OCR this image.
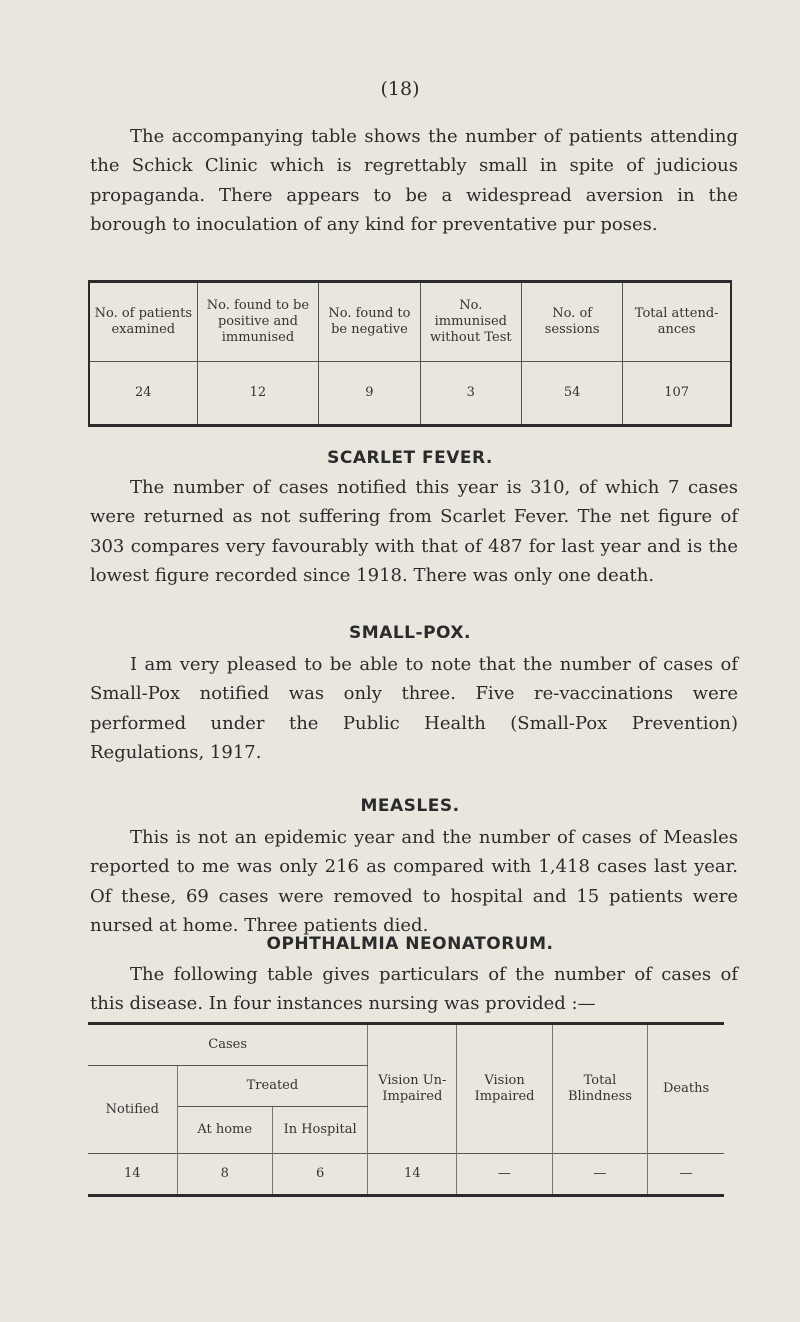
(18)

The accompanying table shows the number of patients attending the Schick Clinic which is regrettably small in spite of judicious propaganda. There appears to be a widespread aversion in the borough to inoculation of any kind for preventative pur poses.

No. of patients examined	No. found to be positive and immunised	No. found to be negative	No. immunised without Test	No. of sessions	Total attend-ances
24	12	9	3	54	107
SCARLET FEVER.

The number of cases notified this year is 310, of which 7 cases were returned as not suffering from Scarlet Fever. The net figure of 303 compares very favourably with that of 487 for last year and is the lowest figure recorded since 1918. There was only one death.

SMALL-POX.

I am very pleased to be able to note that the number of cases of Small-Pox notified was only three. Five re-vaccinations were performed under the Public Health (Small-Pox Prevention) Regulations, 1917.

MEASLES.

This is not an epidemic year and the number of cases of Measles reported to me was only 216 as compared with 1,418 cases last year. Of these, 69 cases were removed to hospital and 15 patients were nursed at home. Three patients died.

OPHTHALMIA NEONATORUM.

The following table gives particulars of the number of cases of this disease. In four instances nursing was provided :—

Cases			Vision Un-Impaired	Vision Impaired	Total Blindness	Deaths
Notified	Treated					
	At home	In Hospital				
14	8	6	14	—	—	—
